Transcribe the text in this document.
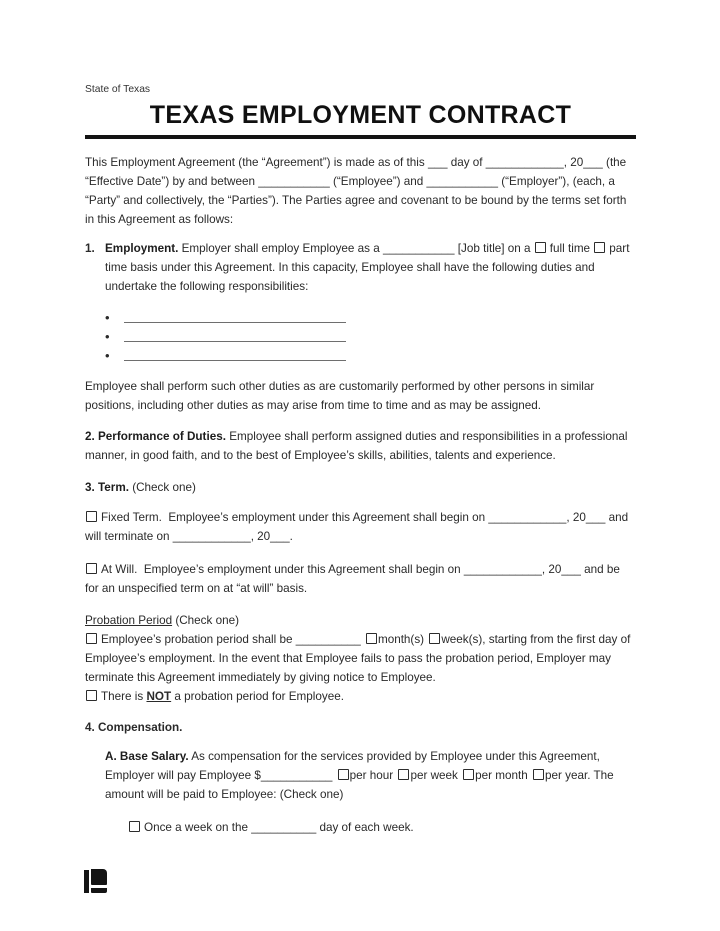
State of Texas
TEXAS EMPLOYMENT CONTRACT

This Employment Agreement (the “Agreement”) is made as of this ___ day of ____________, 20___ (the “Effective Date”) by and between ___________ (“Employee”) and ___________ (“Employer”), (each, a “Party” and collectively, the “Parties”). The Parties agree and covenant to be bound by the terms set forth in this Agreement as follows:

1. Employment. Employer shall employ Employee as a ___________ [Job title] on a full time part time basis under this Agreement. In this capacity, Employee shall have the following duties and undertake the following responsibilities:
•
•
•

Employee shall perform such other duties as are customarily performed by other persons in similar positions, including other duties as may arise from time to time and as may be assigned.

2. Performance of Duties. Employee shall perform assigned duties and responsibilities in a professional manner, in good faith, and to the best of Employee’s skills, abilities, talents and experience.

3. Term. (Check one)

Fixed Term.  Employee’s employment under this Agreement shall begin on ____________, 20___ and will terminate on ____________, 20___.

At Will.  Employee’s employment under this Agreement shall begin on ____________, 20___ and be for an unspecified term on at “at will” basis.

Probation Period (Check one)
Employee’s probation period shall be __________ month(s) week(s), starting from the first day of Employee’s employment. In the event that Employee fails to pass the probation period, Employer may terminate this Agreement immediately by giving notice to Employee.
There is NOT a probation period for Employee.

4. Compensation.

A. Base Salary. As compensation for the services provided by Employee under this Agreement, Employer will pay Employee $___________ per hour per week per month per year. The amount will be paid to Employee: (Check one)

Once a week on the __________ day of each week.
